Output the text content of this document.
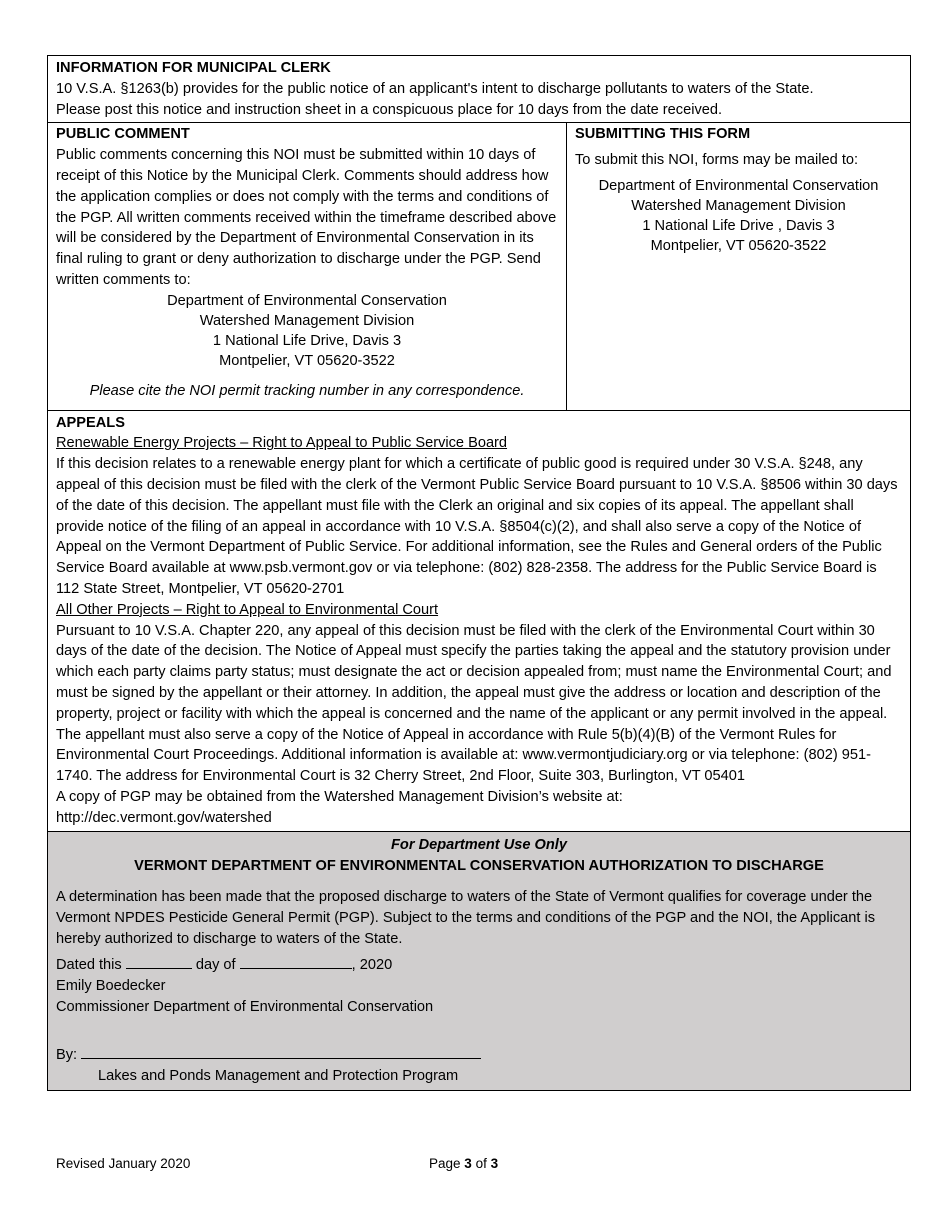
INFORMATION FOR MUNICIPAL CLERK
10 V.S.A. §1263(b) provides for the public notice of an applicant's intent to discharge pollutants to waters of the State.
Please post this notice and instruction sheet in a conspicuous place for 10 days from the date received.
PUBLIC COMMENT
Public comments concerning this NOI must be submitted within 10 days of receipt of this Notice by the Municipal Clerk. Comments should address how the application complies or does not comply with the terms and conditions of the PGP. All written comments received within the timeframe described above will be considered by the Department of Environmental Conservation in its final ruling to grant or deny authorization to discharge under the PGP. Send written comments to:
Department of Environmental Conservation
Watershed Management Division
1 National Life Drive, Davis 3
Montpelier, VT 05620-3522
Please cite the NOI permit tracking number in any correspondence.
SUBMITTING THIS FORM
To submit this NOI, forms may be mailed to:
Department of Environmental Conservation
Watershed Management Division
1 National Life Drive , Davis 3
Montpelier, VT 05620-3522
APPEALS
Renewable Energy Projects – Right to Appeal to Public Service Board
If this decision relates to a renewable energy plant for which a certificate of public good is required under 30 V.S.A. §248, any appeal of this decision must be filed with the clerk of the Vermont Public Service Board pursuant to 10 V.S.A. §8506 within 30 days of the date of this decision. The appellant must file with the Clerk an original and six copies of its appeal. The appellant shall provide notice of the filing of an appeal in accordance with 10 V.S.A. §8504(c)(2), and shall also serve a copy of the Notice of Appeal on the Vermont Department of Public Service. For additional information, see the Rules and General orders of the Public Service Board available at www.psb.vermont.gov or via telephone: (802) 828-2358. The address for the Public Service Board is 112 State Street, Montpelier, VT 05620-2701
All Other Projects – Right to Appeal to Environmental Court
Pursuant to 10 V.S.A. Chapter 220, any appeal of this decision must be filed with the clerk of the Environmental Court within 30 days of the date of the decision. The Notice of Appeal must specify the parties taking the appeal and the statutory provision under which each party claims party status; must designate the act or decision appealed from; must name the Environmental Court; and must be signed by the appellant or their attorney. In addition, the appeal must give the address or location and description of the property, project or facility with which the appeal is concerned and the name of the applicant or any permit involved in the appeal. The appellant must also serve a copy of the Notice of Appeal in accordance with Rule 5(b)(4)(B) of the Vermont Rules for Environmental Court Proceedings. Additional information is available at: www.vermontjudiciary.org or via telephone: (802) 951-1740. The address for Environmental Court is 32 Cherry Street, 2nd Floor, Suite 303, Burlington, VT 05401
A copy of PGP may be obtained from the Watershed Management Division’s website at:
http://dec.vermont.gov/watershed
For Department Use Only
VERMONT DEPARTMENT OF ENVIRONMENTAL CONSERVATION AUTHORIZATION TO DISCHARGE
A determination has been made that the proposed discharge to waters of the State of Vermont qualifies for coverage under the Vermont NPDES Pesticide General Permit (PGP). Subject to the terms and conditions of the PGP and the NOI, the Applicant is hereby authorized to discharge to waters of the State.
Dated this	day of	, 2020
Emily Boedecker
Commissioner Department of Environmental Conservation
By:
Lakes and Ponds Management and Protection Program
Revised January 2020	Page 3 of 3
